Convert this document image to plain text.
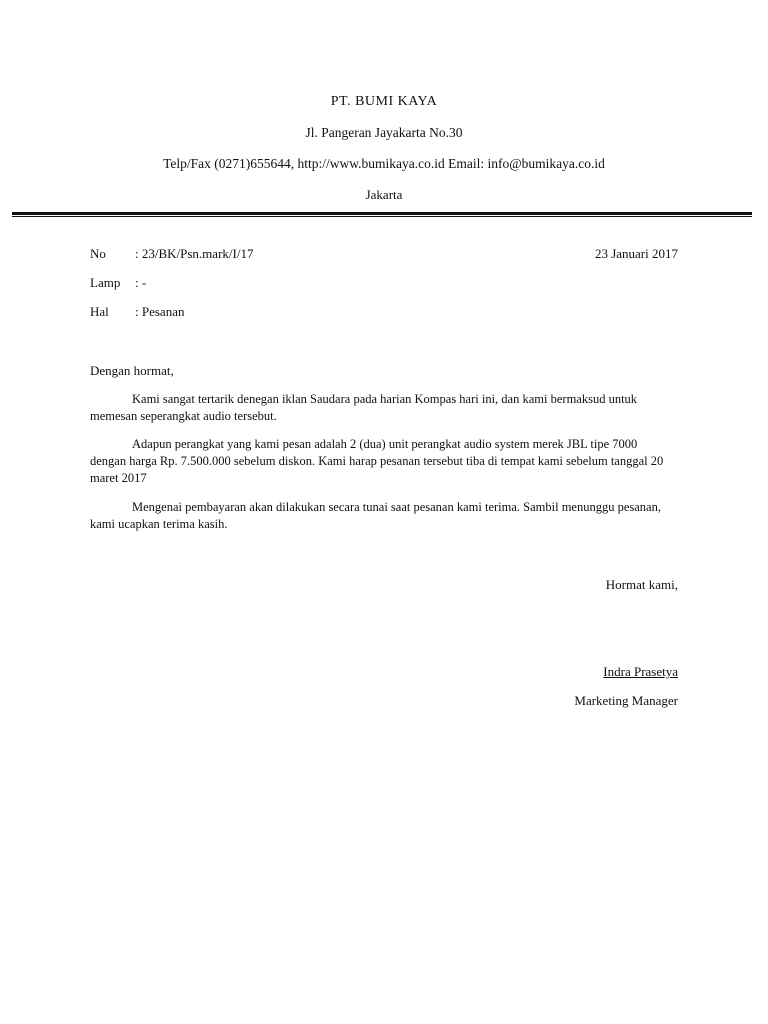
PT. BUMI KAYA
Jl. Pangeran Jayakarta No.30
Telp/Fax (0271)655644, http://www.bumikaya.co.id Email: info@bumikaya.co.id
Jakarta
No : 23/BK/Psn.mark/I/17	23 Januari 2017
Lamp : -
Hal : Pesanan
Dengan hormat,
Kami sangat tertarik denegan iklan Saudara pada harian Kompas hari ini, dan kami bermaksud untuk memesan seperangkat audio tersebut.
Adapun perangkat yang kami pesan adalah 2 (dua) unit perangkat audio system merek JBL tipe 7000 dengan harga Rp. 7.500.000 sebelum diskon. Kami harap pesanan tersebut tiba di tempat kami sebelum tanggal 20 maret 2017
Mengenai pembayaran akan dilakukan secara tunai saat pesanan kami terima. Sambil menunggu pesanan, kami ucapkan terima kasih.
Hormat kami,
Indra Prasetya
Marketing Manager
